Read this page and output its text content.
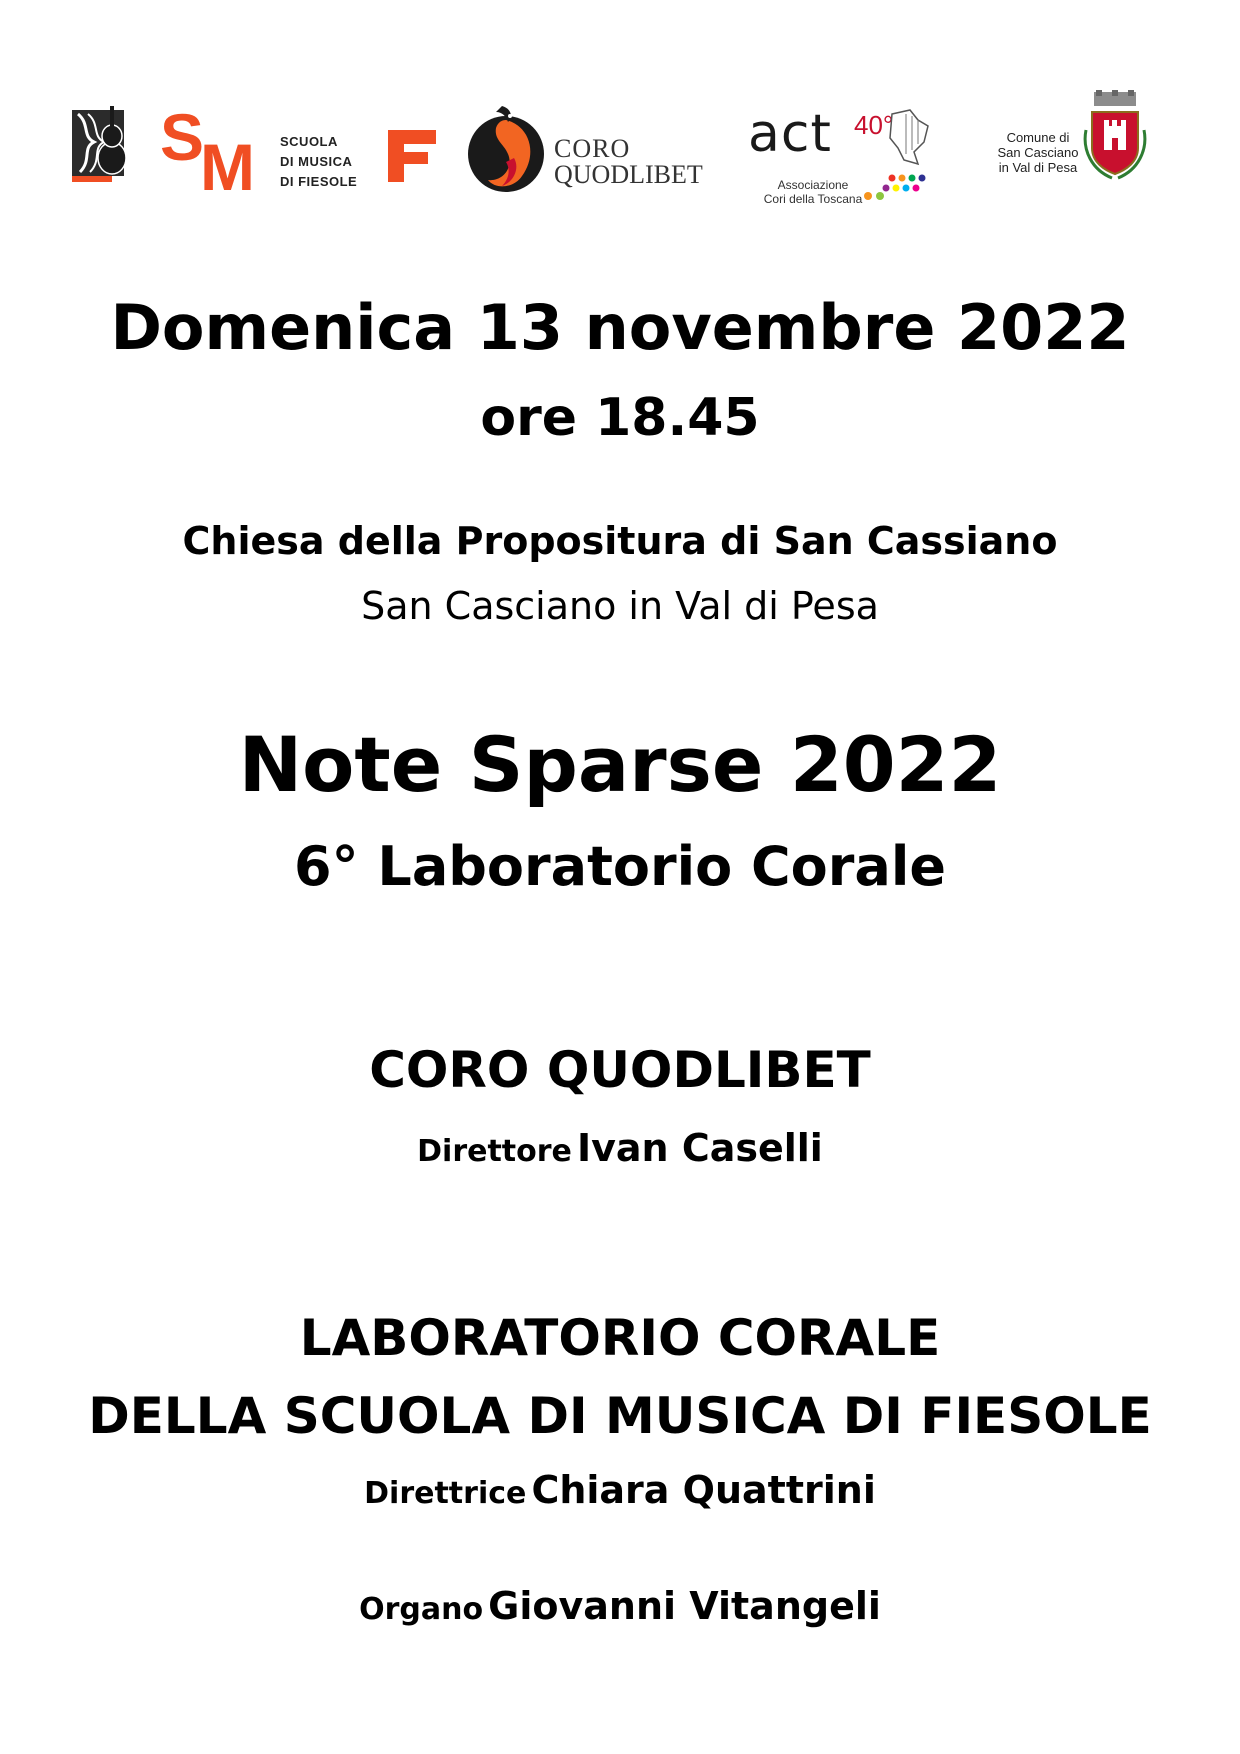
S
M SCUOLA
DI MUSICA
DI FIESOLE
CORO
QUODLIBET
act 40°
Associazione
Cori della Toscana
Comune di
San Casciano
in Val di Pesa
Domenica 13 novembre 2022
ore 18.45
Chiesa della Propositura di San Cassiano
San Casciano in Val di Pesa
Note Sparse 2022
6° Laboratorio Corale
CORO QUODLIBET
Direttore Ivan Caselli
LABORATORIO CORALE
DELLA SCUOLA DI MUSICA DI FIESOLE
Direttrice Chiara Quattrini
Organo Giovanni Vitangeli
